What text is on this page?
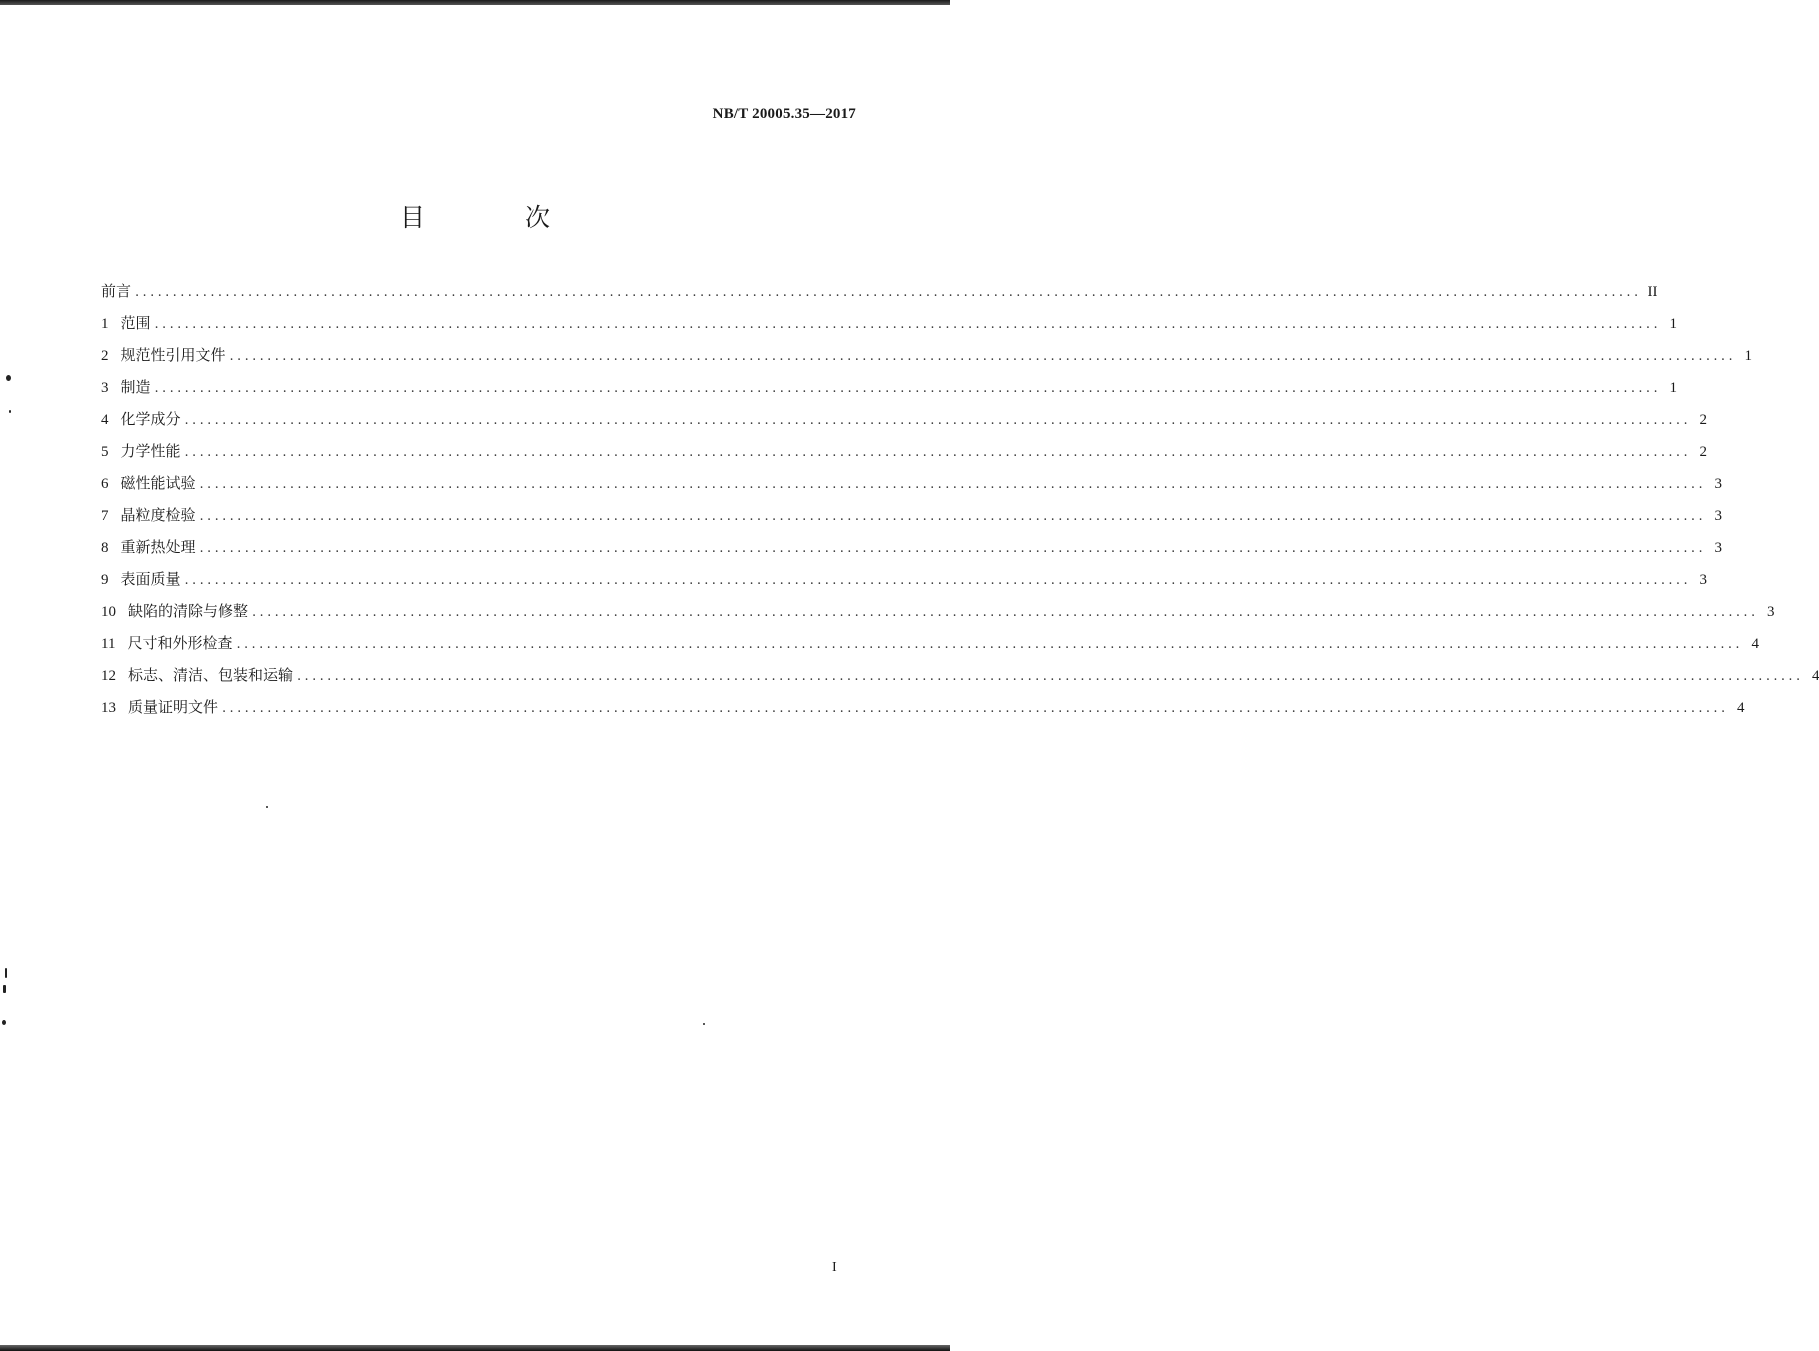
NB/T 20005.35—2017
目 次
前言 ........................................................................................................................................................................................................ II
1 范围 ........................................................................................................................................................................................................ 1
2 规范性引用文件 ........................................................................................................................................................................................................ 1
3 制造 ........................................................................................................................................................................................................ 1
4 化学成分 ........................................................................................................................................................................................................ 2
5 力学性能 ........................................................................................................................................................................................................ 2
6 磁性能试验 ........................................................................................................................................................................................................ 3
7 晶粒度检验 ........................................................................................................................................................................................................ 3
8 重新热处理 ........................................................................................................................................................................................................ 3
9 表面质量 ........................................................................................................................................................................................................ 3
10 缺陷的清除与修整 ........................................................................................................................................................................................................ 3
11 尺寸和外形检查 ........................................................................................................................................................................................................ 4
12 标志、清洁、包装和运输 ........................................................................................................................................................................................................ 4
13 质量证明文件 ........................................................................................................................................................................................................ 4
I
